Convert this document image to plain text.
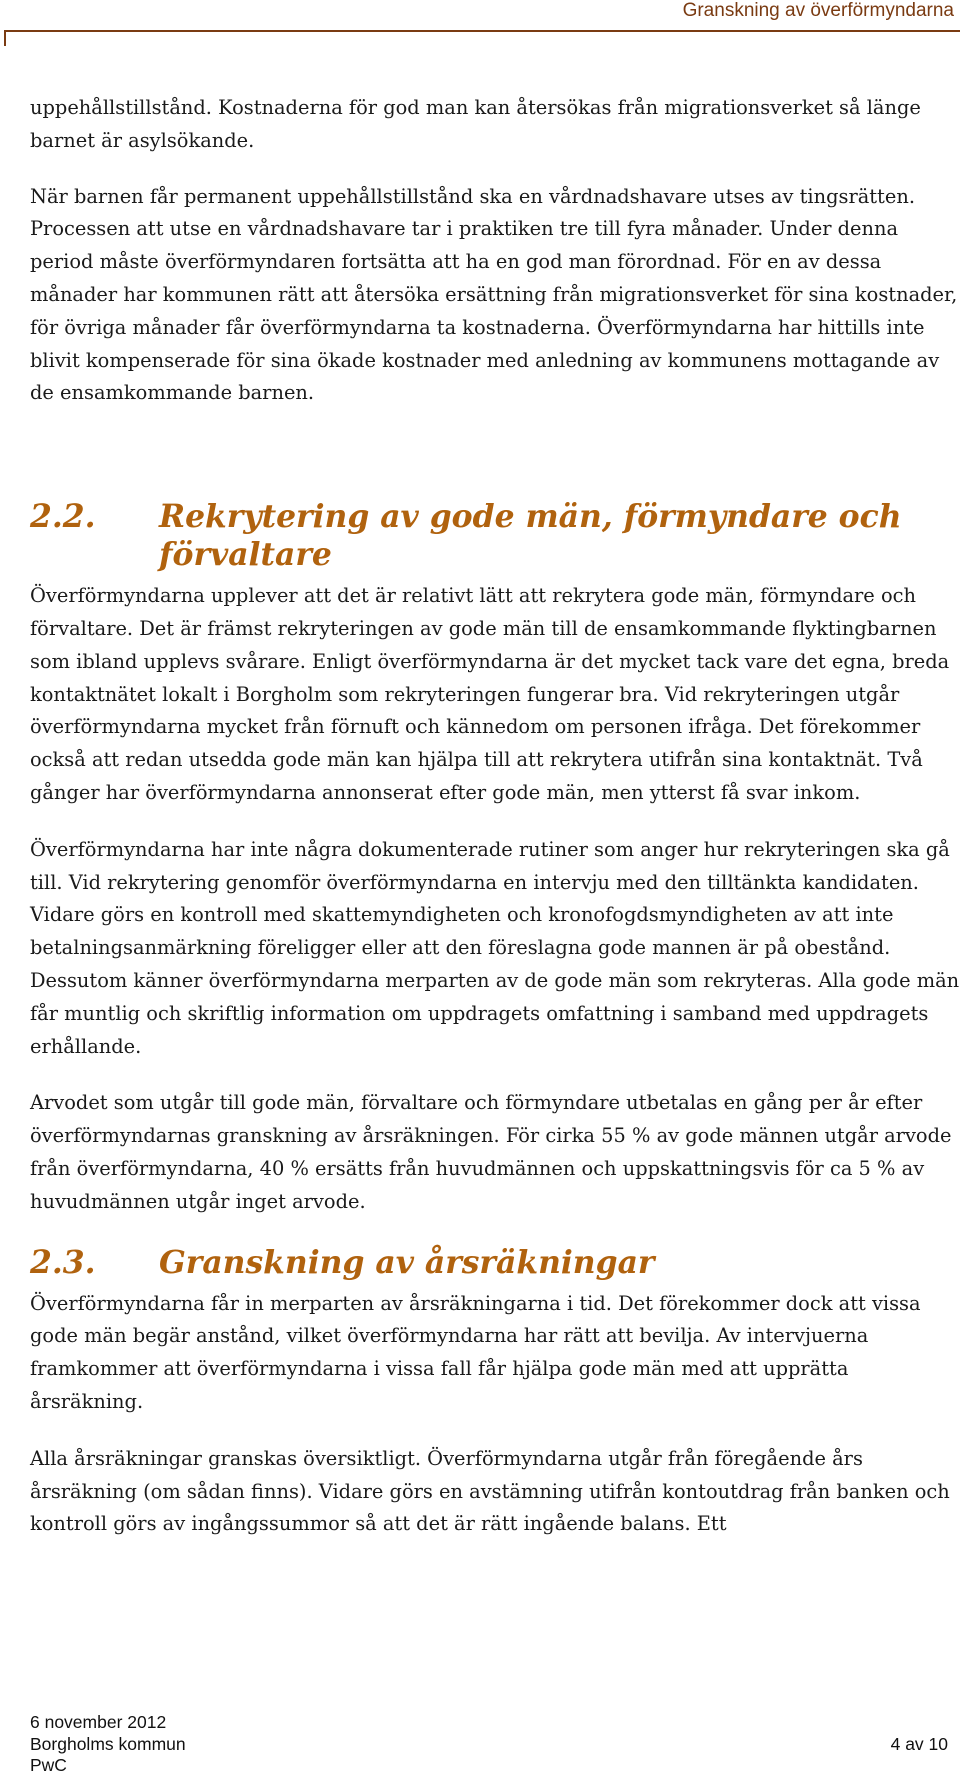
Granskning av överförmyndarna

uppehållstillstånd. Kostnaderna för god man kan återsökas från migrationsverket så länge barnet är asylsökande.

När barnen får permanent uppehållstillstånd ska en vårdnadshavare utses av tingsrätten. Processen att utse en vårdnadshavare tar i praktiken tre till fyra månader. Under denna period måste överförmyndaren fortsätta att ha en god man förordnad. För en av dessa månader har kommunen rätt att återsöka ersättning från migrationsverket för sina kostnader, för övriga månader får överförmyndarna ta kostnaderna. Överförmyndarna har hittills inte blivit kompenserade för sina ökade kostnader med anledning av kommunens mottagande av de ensamkommande barnen.

2.2.	Rekrytering av gode män, förmyndare och förvaltare

Överförmyndarna upplever att det är relativt lätt att rekrytera gode män, förmyndare och förvaltare. Det är främst rekryteringen av gode män till de ensamkommande flyktingbarnen som ibland upplevs svårare. Enligt överförmyndarna är det mycket tack vare det egna, breda kontaktnätet lokalt i Borgholm som rekryteringen fungerar bra. Vid rekryteringen utgår överförmyndarna mycket från förnuft och kännedom om personen ifråga. Det förekommer också att redan utsedda gode män kan hjälpa till att rekrytera utifrån sina kontaktnät. Två gånger har överförmyndarna annonserat efter gode män, men ytterst få svar inkom.

Överförmyndarna har inte några dokumenterade rutiner som anger hur rekryteringen ska gå till. Vid rekrytering genomför överförmyndarna en intervju med den tilltänkta kandidaten. Vidare görs en kontroll med skattemyndigheten och kronofogdsmyndigheten av att inte betalningsanmärkning föreligger eller att den föreslagna gode mannen är på obestånd. Dessutom känner överförmyndarna merparten av de gode män som rekryteras. Alla gode män får muntlig och skriftlig information om uppdragets omfattning i samband med uppdragets erhållande.

Arvodet som utgår till gode män, förvaltare och förmyndare utbetalas en gång per år efter överförmyndarnas granskning av årsräkningen. För cirka 55 % av gode männen utgår arvode från överförmyndarna, 40 % ersätts från huvudmännen och uppskattningsvis för ca 5 % av huvudmännen utgår inget arvode.

2.3.	Granskning av årsräkningar

Överförmyndarna får in merparten av årsräkningarna i tid. Det förekommer dock att vissa gode män begär anstånd, vilket överförmyndarna har rätt att bevilja. Av intervjuerna framkommer att överförmyndarna i vissa fall får hjälpa gode män med att upprätta årsräkning.

Alla årsräkningar granskas översiktligt. Överförmyndarna utgår från föregående års årsräkning (om sådan finns). Vidare görs en avstämning utifrån kontoutdrag från banken och kontroll görs av ingångssummor så att det är rätt ingående balans. Ett

6 november 2012
Borgholms kommun
PwC
4 av 10
